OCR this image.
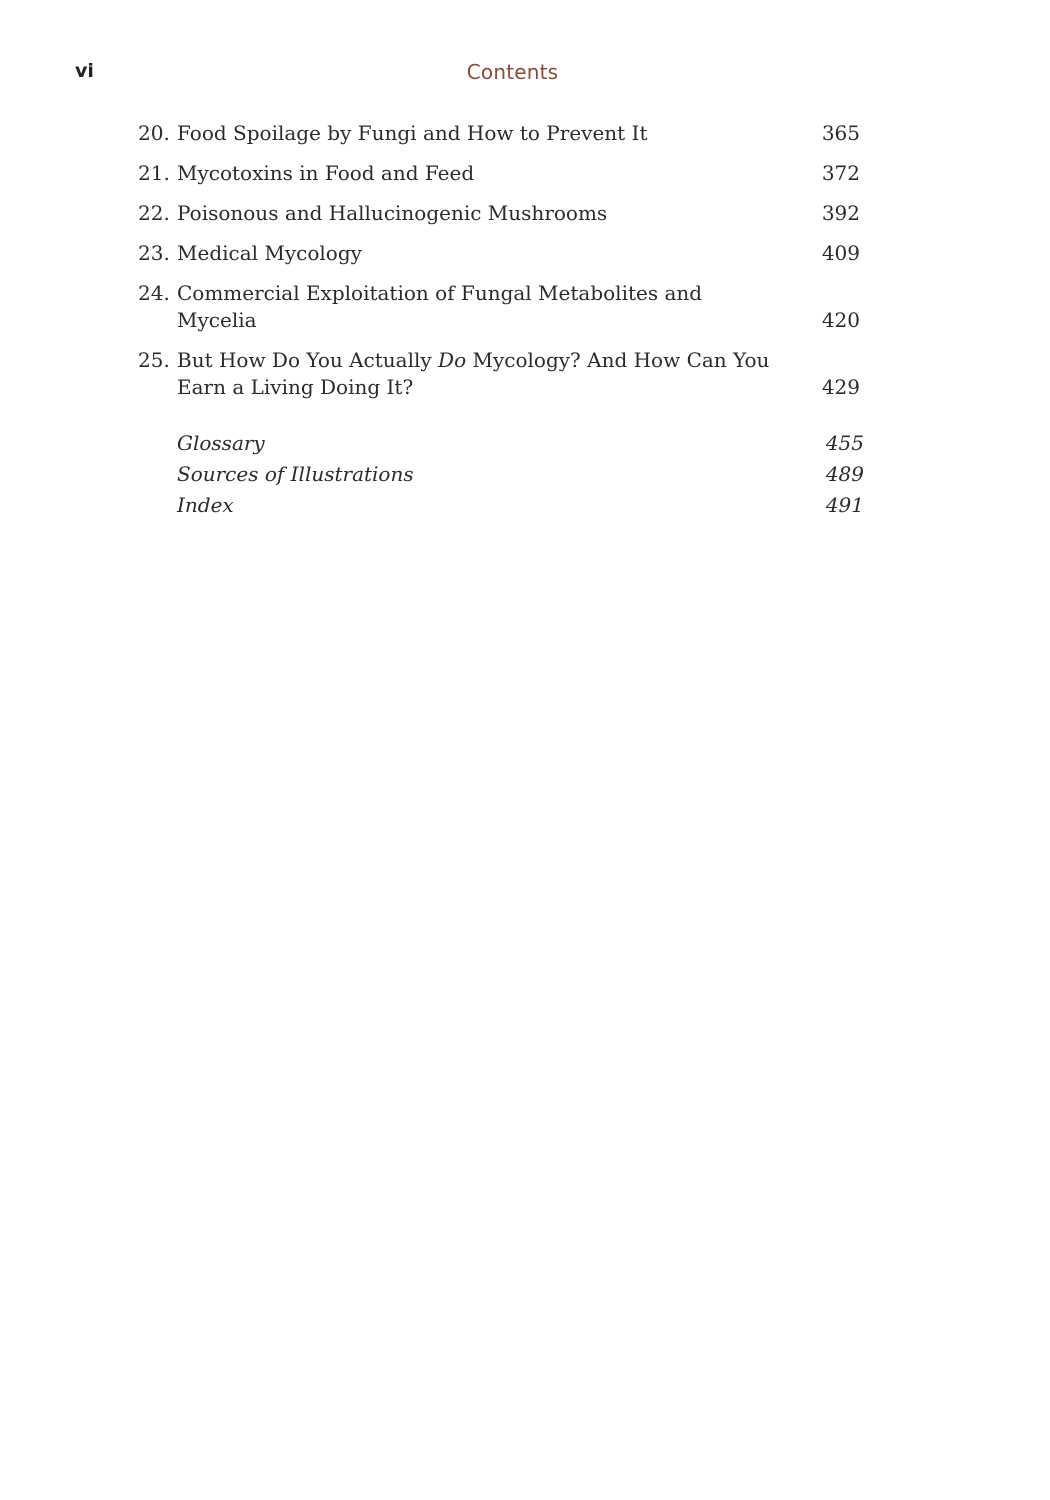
vi	Contents
20. Food Spoilage by Fungi and How to Prevent It	365
21. Mycotoxins in Food and Feed	372
22. Poisonous and Hallucinogenic Mushrooms	392
23. Medical Mycology	409
24. Commercial Exploitation of Fungal Metabolites and Mycelia	420
25. But How Do You Actually Do Mycology? And How Can You Earn a Living Doing It?	429
Glossary	455
Sources of Illustrations	489
Index	491
